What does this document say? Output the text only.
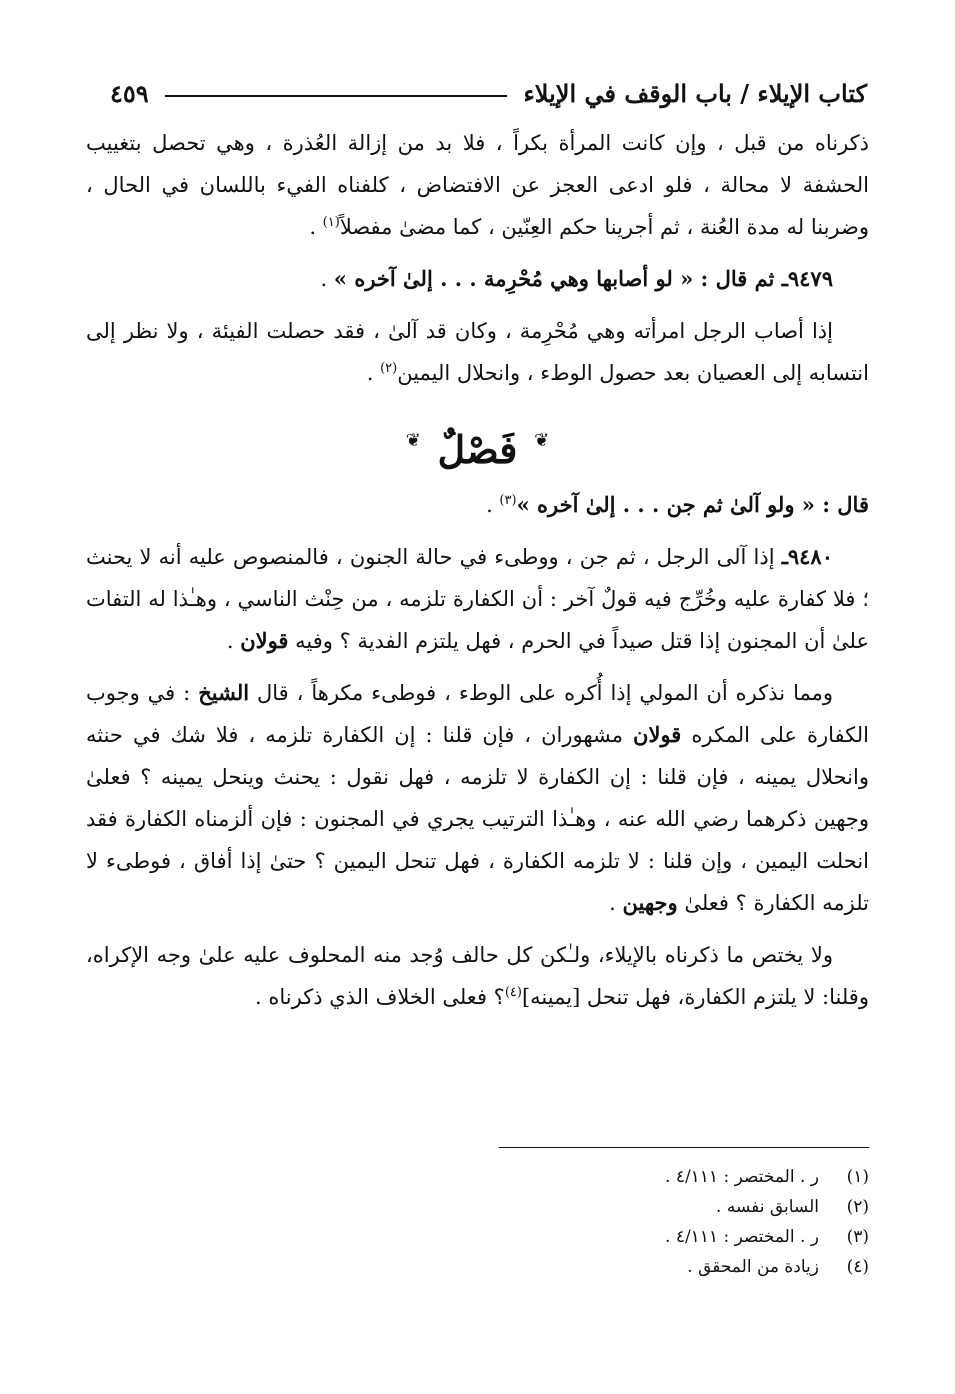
كتاب الإيلاء / باب الوقف في الإيلاء
٤٥٩

ذكرناه من قبل ، وإن كانت المرأة بكراً ، فلا بد من إزالة العُذرة ، وهي تحصل بتغييب الحشفة لا محالة ، فلو ادعى العجز عن الافتضاض ، كلفناه الفيء باللسان في الحال ، وضربنا له مدة العُنة ، ثم أجرينا حكم العِنّين ، كما مضىٰ مفصلاً$^{(١)}$ .

٩٤٧٩ـ ثم قال : « لو أصابها وهي مُحْرِمة . . . إلىٰ آخره » .

إذا أصاب الرجل امرأته وهي مُحْرِمة ، وكان قد آلىٰ ، فقد حصلت الفيئة ، ولا نظر إلى انتسابه إلى العصيان بعد حصول الوطء ، وانحلال اليمين$^{(٢)}$ .

❦ فَصْلٌ ❦

قال : « ولو آلىٰ ثم جن . . . إلىٰ آخره »$^{(٣)}$ .

٩٤٨٠ـ إذا آلى الرجل ، ثم جن ، ووطىء في حالة الجنون ، فالمنصوص عليه أنه لا يحنث ؛ فلا كفارة عليه وخُرِّج فيه قولٌ آخر : أن الكفارة تلزمه ، من حِنْث الناسي ، وهـٰذا له التفات علىٰ أن المجنون إذا قتل صيداً في الحرم ، فهل يلتزم الفدية ؟ وفيه قولان .

ومما نذكره أن المولي إذا أُكره على الوطء ، فوطىء مكرهاً ، قال الشيخ : في وجوب الكفارة على المكره قولان مشهوران ، فإن قلنا : إن الكفارة تلزمه ، فلا شك في حنثه وانحلال يمينه ، فإن قلنا : إن الكفارة لا تلزمه ، فهل نقول : يحنث وينحل يمينه ؟ فعلىٰ وجهين ذكرهما رضي الله عنه ، وهـٰذا الترتيب يجري في المجنون : فإن ألزمناه الكفارة فقد انحلت اليمين ، وإن قلنا : لا تلزمه الكفارة ، فهل تنحل اليمين ؟ حتىٰ إذا أفاق ، فوطىء لا تلزمه الكفارة ؟ فعلىٰ وجهين .

ولا يختص ما ذكرناه بالإيلاء، ولـٰكن كل حالف وُجد منه المحلوف عليه علىٰ وجه الإكراه، وقلنا: لا يلتزم الكفارة، فهل تنحل [يمينه]$^{(٤)}$؟ فعلى الخلاف الذي ذكرناه .

(١)
ر . المختصر : ٤/١١١ .
(٢)
السابق نفسه .
(٣)
ر . المختصر : ٤/١١١ .
(٤)
زيادة من المحقق .
